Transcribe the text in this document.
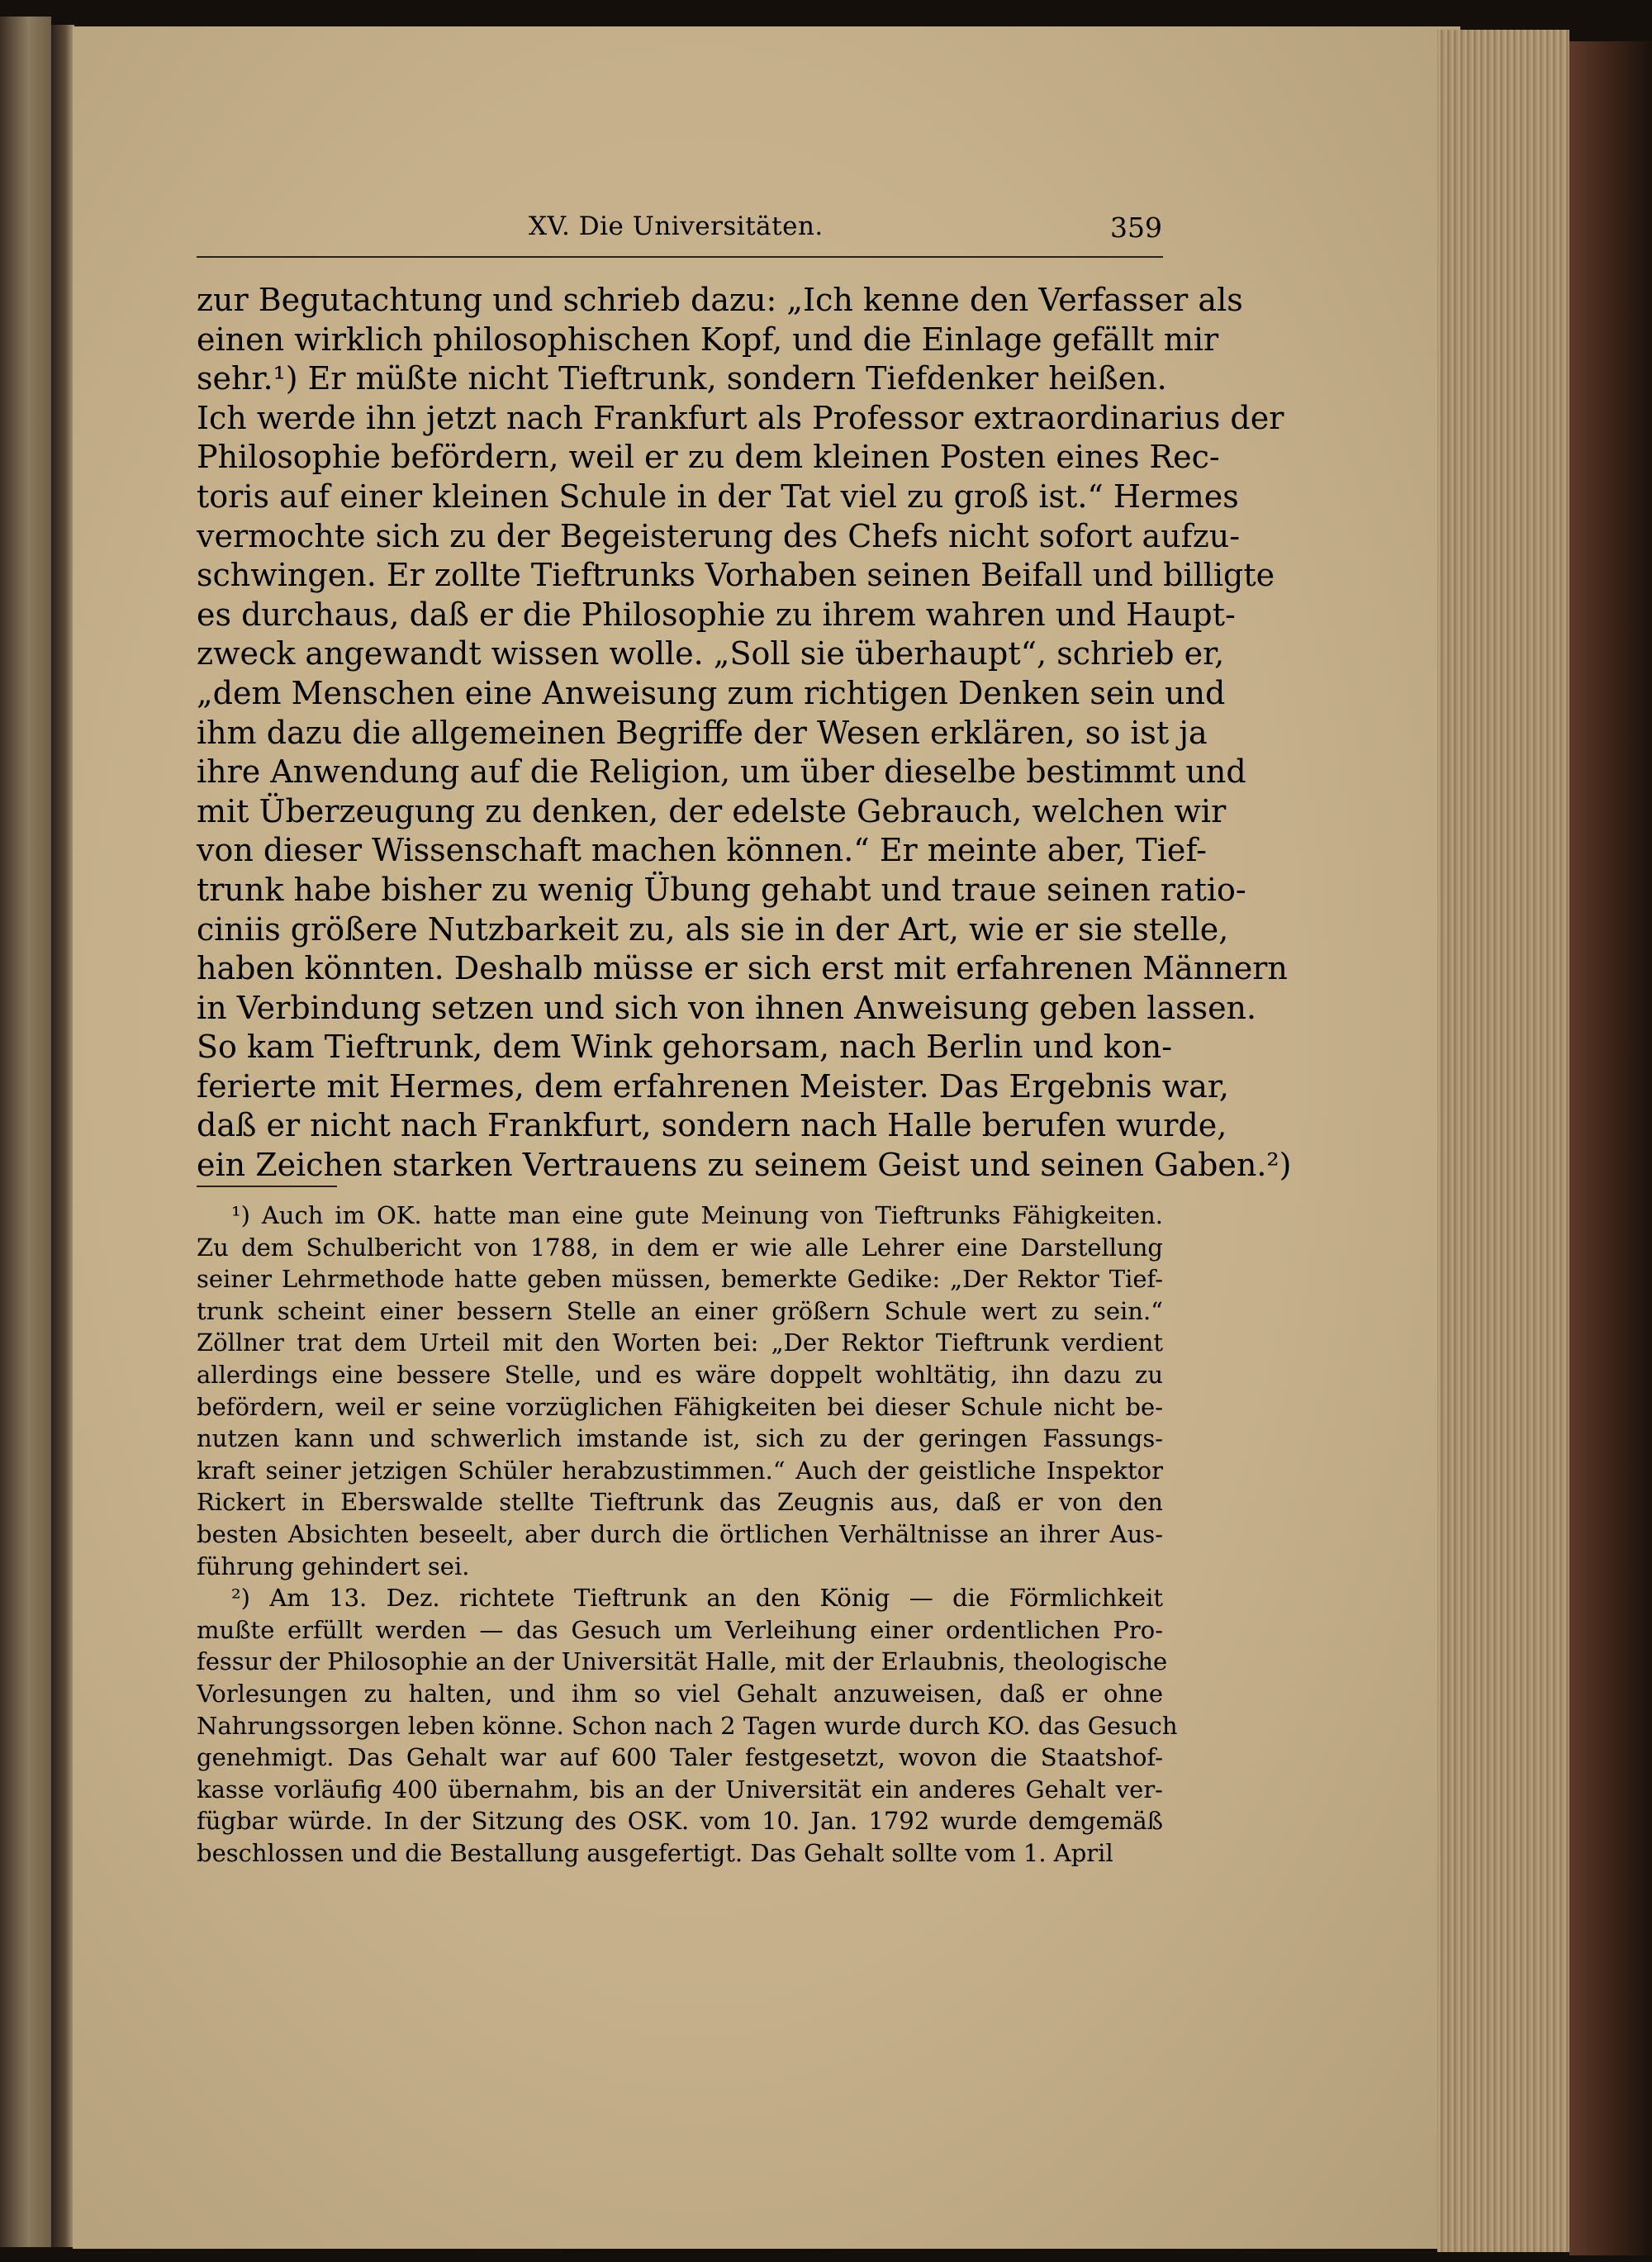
XV. Die Universitäten.	359
zur Begutachtung und schrieb dazu: „Ich kenne den Verfasser als
einen wirklich philosophischen Kopf, und die Einlage gefällt mir
sehr.¹) Er müßte nicht Tieftrunk, sondern Tiefdenker heißen.
Ich werde ihn jetzt nach Frankfurt als Professor extraordinarius der
Philosophie befördern, weil er zu dem kleinen Posten eines Rec-
toris auf einer kleinen Schule in der Tat viel zu groß ist.“ Hermes
vermochte sich zu der Begeisterung des Chefs nicht sofort aufzu-
schwingen. Er zollte Tieftrunks Vorhaben seinen Beifall und billigte
es durchaus, daß er die Philosophie zu ihrem wahren und Haupt-
zweck angewandt wissen wolle. „Soll sie überhaupt“, schrieb er,
„dem Menschen eine Anweisung zum richtigen Denken sein und
ihm dazu die allgemeinen Begriffe der Wesen erklären, so ist ja
ihre Anwendung auf die Religion, um über dieselbe bestimmt und
mit Überzeugung zu denken, der edelste Gebrauch, welchen wir
von dieser Wissenschaft machen können.“ Er meinte aber, Tief-
trunk habe bisher zu wenig Übung gehabt und traue seinen ratio-
ciniis größere Nutzbarkeit zu, als sie in der Art, wie er sie stelle,
haben könnten. Deshalb müsse er sich erst mit erfahrenen Männern
in Verbindung setzen und sich von ihnen Anweisung geben lassen.
So kam Tieftrunk, dem Wink gehorsam, nach Berlin und kon-
ferierte mit Hermes, dem erfahrenen Meister. Das Ergebnis war,
daß er nicht nach Frankfurt, sondern nach Halle berufen wurde,
ein Zeichen starken Vertrauens zu seinem Geist und seinen Gaben.²)
¹) Auch im OK. hatte man eine gute Meinung von Tieftrunks Fähigkeiten.
Zu dem Schulbericht von 1788, in dem er wie alle Lehrer eine Darstellung
seiner Lehrmethode hatte geben müssen, bemerkte Gedike: „Der Rektor Tief-
trunk scheint einer bessern Stelle an einer größern Schule wert zu sein.“
Zöllner trat dem Urteil mit den Worten bei: „Der Rektor Tieftrunk verdient
allerdings eine bessere Stelle, und es wäre doppelt wohltätig, ihn dazu zu
befördern, weil er seine vorzüglichen Fähigkeiten bei dieser Schule nicht be-
nutzen kann und schwerlich imstande ist, sich zu der geringen Fassungs-
kraft seiner jetzigen Schüler herabzustimmen.“ Auch der geistliche Inspektor
Rickert in Eberswalde stellte Tieftrunk das Zeugnis aus, daß er von den
besten Absichten beseelt, aber durch die örtlichen Verhältnisse an ihrer Aus-
führung gehindert sei.
²) Am 13. Dez. richtete Tieftrunk an den König — die Förmlichkeit
mußte erfüllt werden — das Gesuch um Verleihung einer ordentlichen Pro-
fessur der Philosophie an der Universität Halle, mit der Erlaubnis, theologische
Vorlesungen zu halten, und ihm so viel Gehalt anzuweisen, daß er ohne
Nahrungssorgen leben könne. Schon nach 2 Tagen wurde durch KO. das Gesuch
genehmigt. Das Gehalt war auf 600 Taler festgesetzt, wovon die Staatshof-
kasse vorläufig 400 übernahm, bis an der Universität ein anderes Gehalt ver-
fügbar würde. In der Sitzung des OSK. vom 10. Jan. 1792 wurde demgemäß
beschlossen und die Bestallung ausgefertigt. Das Gehalt sollte vom 1. April
